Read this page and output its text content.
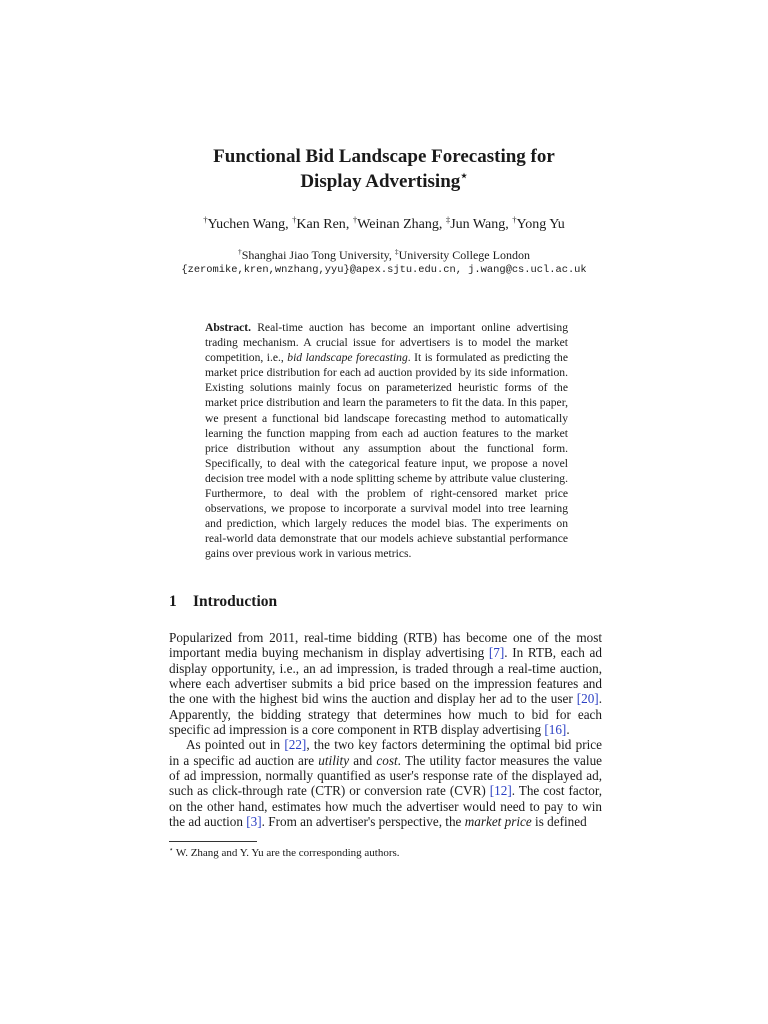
Functional Bid Landscape Forecasting for
Display Advertising⋆
†Yuchen Wang, †Kan Ren, †Weinan Zhang, ‡Jun Wang, †Yong Yu
†Shanghai Jiao Tong University, ‡University College London
{zeromike,kren,wnzhang,yyu}@apex.sjtu.edu.cn, j.wang@cs.ucl.ac.uk
Abstract. Real-time auction has become an important online advertising trading mechanism. A crucial issue for advertisers is to model the market competition, i.e., bid landscape forecasting. It is formulated as predicting the market price distribution for each ad auction provided by its side information. Existing solutions mainly focus on parameterized heuristic forms of the market price distribution and learn the parameters to fit the data. In this paper, we present a functional bid landscape forecasting method to automatically learning the function mapping from each ad auction features to the market price distribution without any assumption about the functional form. Specifically, to deal with the categorical feature input, we propose a novel decision tree model with a node splitting scheme by attribute value clustering. Furthermore, to deal with the problem of right-censored market price observations, we propose to incorporate a survival model into tree learning and prediction, which largely reduces the model bias. The experiments on real-world data demonstrate that our models achieve substantial performance gains over previous work in various metrics.
1 Introduction

Popularized from 2011, real-time bidding (RTB) has become one of the most important media buying mechanism in display advertising [7]. In RTB, each ad display opportunity, i.e., an ad impression, is traded through a real-time auction, where each advertiser submits a bid price based on the impression features and the one with the highest bid wins the auction and display her ad to the user [20]. Apparently, the bidding strategy that determines how much to bid for each specific ad impression is a core component in RTB display advertising [16].

As pointed out in [22], the two key factors determining the optimal bid price in a specific ad auction are utility and cost. The utility factor measures the value of ad impression, normally quantified as user's response rate of the displayed ad, such as click-through rate (CTR) or conversion rate (CVR) [12]. The cost factor, on the other hand, estimates how much the advertiser would need to pay to win the ad auction [3]. From an advertiser's perspective, the market price is defined

⋆ W. Zhang and Y. Yu are the corresponding authors.
